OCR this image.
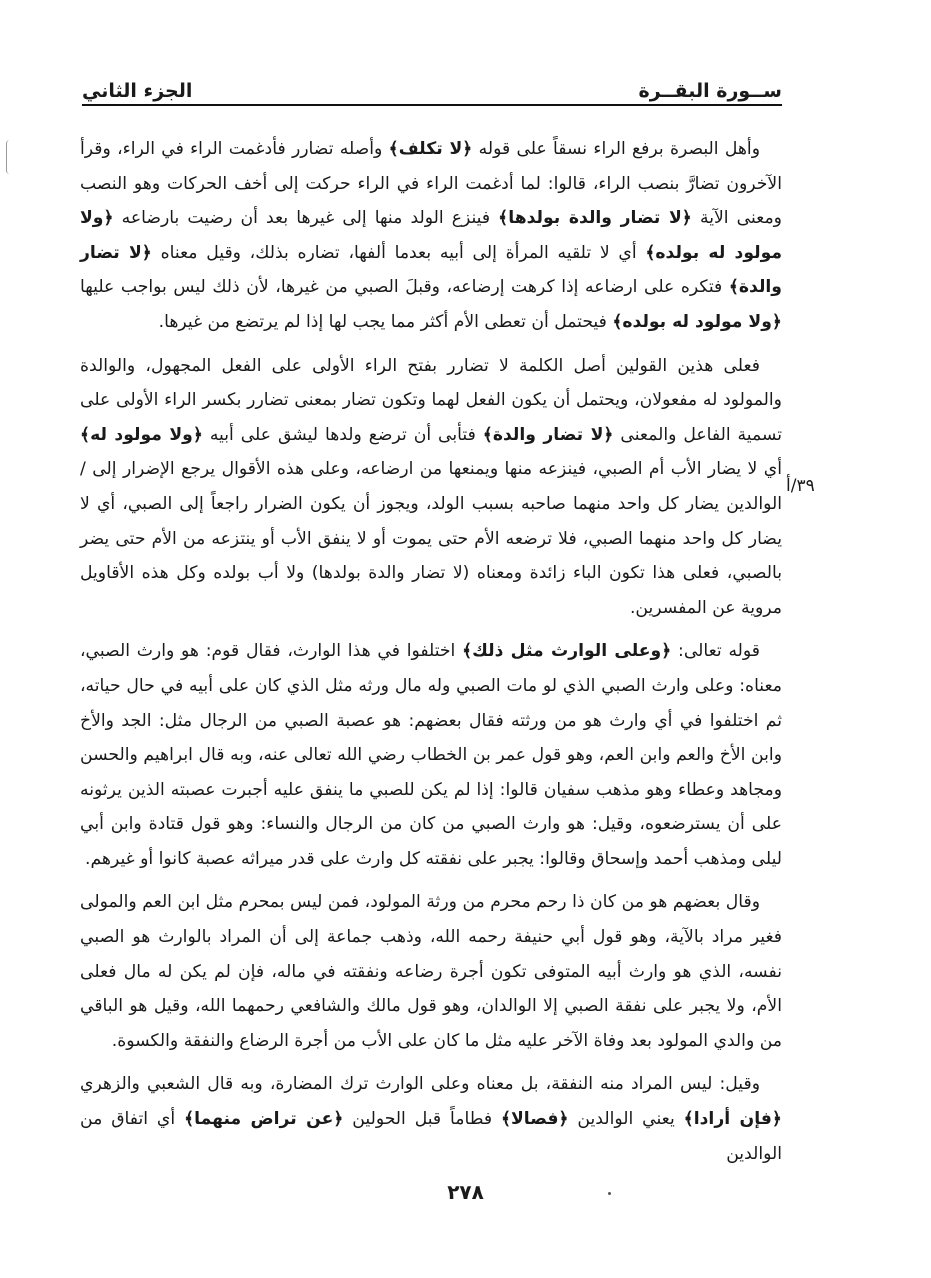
ســورة البقــرة
الجزء الثاني
٣٩/أ

وأهل البصرة برفع الراء نسقاً على قوله ﴿لا تكلف﴾ وأصله تضارر فأدغمت الراء في الراء، وقرأ الآخرون تضارَّ بنصب الراء، قالوا: لما أدغمت الراء في الراء حركت إلى أخف الحركات وهو النصب ومعنى الآية ﴿لا تضار والدة بولدها﴾ فينزع الولد منها إلى غيرها بعد أن رضيت بارضاعه ﴿ولا مولود له بولده﴾ أي لا تلقيه المرأة إلى أبيه بعدما ألفها، تضاره بذلك، وقيل معناه ﴿لا تضار والدة﴾ فتكره على ارضاعه إذا كرهت إرضاعه، وقبلَ الصبي من غيرها، لأن ذلك ليس بواجب عليها ﴿ولا مولود له بولده﴾ فيحتمل أن تعطى الأم أكثر مما يجب لها إذا لم يرتضع من غيرها.

فعلى هذين القولين أصل الكلمة لا تضارر بفتح الراء الأولى على الفعل المجهول، والوالدة والمولود له مفعولان، ويحتمل أن يكون الفعل لهما وتكون تضار بمعنى تضارر بكسر الراء الأولى على تسمية الفاعل والمعنى ﴿لا تضار والدة﴾ فتأبى أن ترضع ولدها ليشق على أبيه ﴿ولا مولود له﴾ أي لا يضار الأب أم الصبي، فينزعه منها ويمنعها من ارضاعه، وعلى هذه الأقوال يرجع الإضرار إلى / الوالدين يضار كل واحد منهما صاحبه بسبب الولد، ويجوز أن يكون الضرار راجعاً إلى الصبي، أي لا يضار كل واحد منهما الصبي، فلا ترضعه الأم حتى يموت أو لا ينفق الأب أو ينتزعه من الأم حتى يضر بالصبي، فعلى هذا تكون الباء زائدة ومعناه (لا تضار والدة بولدها) ولا أب بولده وكل هذه الأقاويل مروية عن المفسرين.

قوله تعالى: ﴿وعلى الوارث مثل ذلك﴾ اختلفوا في هذا الوارث، فقال قوم: هو وارث الصبي، معناه: وعلى وارث الصبي الذي لو مات الصبي وله مال ورثه مثل الذي كان على أبيه في حال حياته، ثم اختلفوا في أي وارث هو من ورثته فقال بعضهم: هو عصبة الصبي من الرجال مثل: الجد والأخ وابن الأخ والعم وابن العم، وهو قول عمر بن الخطاب رضي الله تعالى عنه، وبه قال ابراهيم والحسن ومجاهد وعطاء وهو مذهب سفيان قالوا: إذا لم يكن للصبي ما ينفق عليه أجبرت عصبته الذين يرثونه على أن يسترضعوه، وقيل: هو وارث الصبي من كان من الرجال والنساء: وهو قول قتادة وابن أبي ليلى ومذهب أحمد وإسحاق وقالوا: يجبر على نفقته كل وارث على قدر ميراثه عصبة كانوا أو غيرهم.

وقال بعضهم هو من كان ذا رحم محرم من ورثة المولود، فمن ليس بمحرم مثل ابن العم والمولى فغير مراد بالآية، وهو قول أبي حنيفة رحمه الله، وذهب جماعة إلى أن المراد بالوارث هو الصبي نفسه، الذي هو وارث أبيه المتوفى تكون أجرة رضاعه ونفقته في ماله، فإن لم يكن له مال فعلى الأم، ولا يجبر على نفقة الصبي إلا الوالدان، وهو قول مالك والشافعي رحمهما الله، وقيل هو الباقي من والدي المولود بعد وفاة الآخر عليه مثل ما كان على الأب من أجرة الرضاع والنفقة والكسوة.

وقيل: ليس المراد منه النفقة، بل معناه وعلى الوارث ترك المضارة، وبه قال الشعبي والزهري ﴿فإن أرادا﴾ يعني الوالدين ﴿فصالا﴾ فطاماً قبل الحولين ﴿عن تراض منهما﴾ أي اتفاق من الوالدين

٢٧٨
